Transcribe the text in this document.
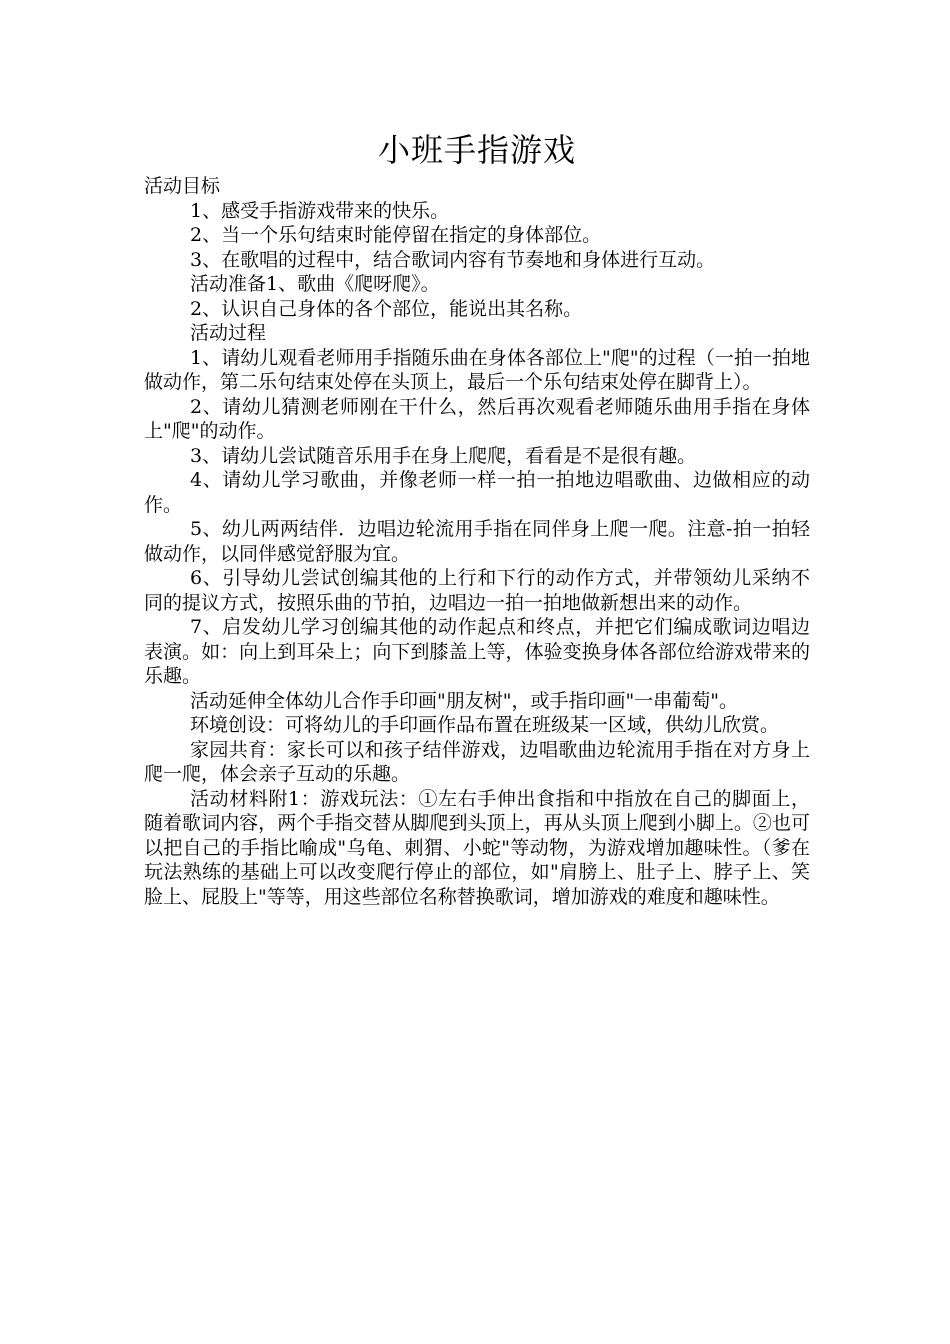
小班手指游戏

活动目标

1、感受手指游戏带来的快乐。

2、当一个乐句结束时能停留在指定的身体部位。

3、在歌唱的过程中，结合歌词内容有节奏地和身体进行互动。

活动准备1、歌曲《爬呀爬》。

2、认识自己身体的各个部位，能说出其名称。

活动过程

1、请幼儿观看老师用手指随乐曲在身体各部位上"爬"的过程（一拍一拍地做动作，第二乐句结束处停在头顶上，最后一个乐句结束处停在脚背上）。

2、请幼儿猜测老师刚在干什么，然后再次观看老师随乐曲用手指在身体上"爬"的动作。

3、请幼儿尝试随音乐用手在身上爬爬，看看是不是很有趣。

4、请幼儿学习歌曲，并像老师一样一拍一拍地边唱歌曲、边做相应的动作。

5、幼儿两两结伴．边唱边轮流用手指在同伴身上爬一爬。注意-拍一拍轻做动作，以同伴感觉舒服为宜。

6、引导幼儿尝试创编其他的上行和下行的动作方式，并带领幼儿采纳不同的提议方式，按照乐曲的节拍，边唱边一拍一拍地做新想出来的动作。

7、启发幼儿学习创编其他的动作起点和终点，并把它们编成歌词边唱边表演。如：向上到耳朵上；向下到膝盖上等，体验变换身体各部位给游戏带来的乐趣。

活动延伸全体幼儿合作手印画"朋友树"，或手指印画"一串葡萄"。

环境创设：可将幼儿的手印画作品布置在班级某一区域，供幼儿欣赏。

家园共育：家长可以和孩子结伴游戏，边唱歌曲边轮流用手指在对方身上爬一爬，体会亲子互动的乐趣。

活动材料附1：游戏玩法：①左右手伸出食指和中指放在自己的脚面上，随着歌词内容，两个手指交替从脚爬到头顶上，再从头顶上爬到小脚上。②也可以把自己的手指比喻成"乌龟、刺猬、小蛇"等动物，为游戏增加趣味性。（爹在玩法熟练的基础上可以改变爬行停止的部位，如"肩膀上、肚子上、脖子上、笑脸上、屁股上"等等，用这些部位名称替换歌词，增加游戏的难度和趣味性。
